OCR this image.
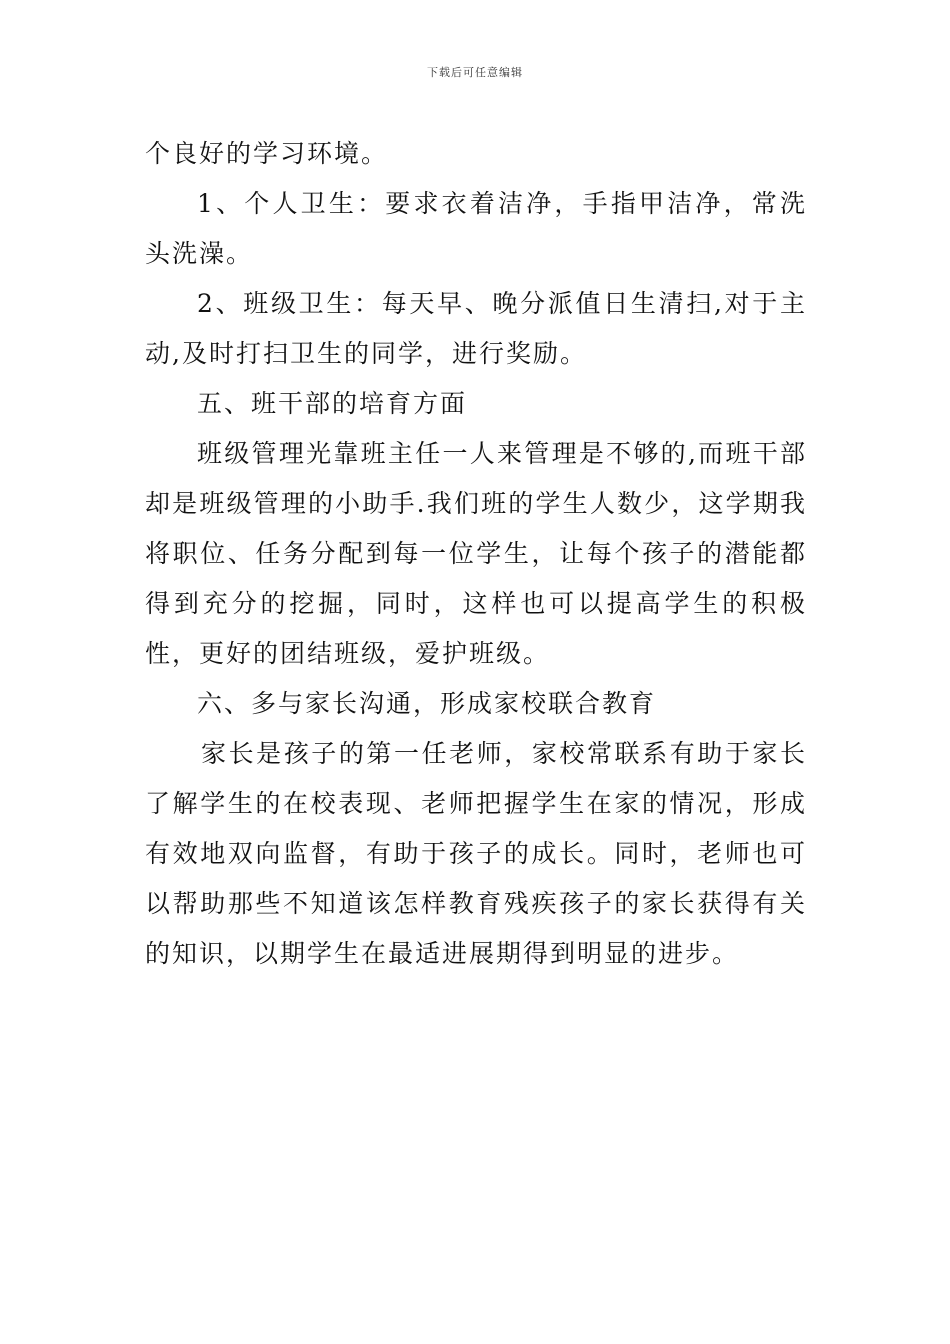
下载后可任意编辑

个良好的学习环境。

1、个人卫生：要求衣着洁净，手指甲洁净，常洗头洗澡。

2、班级卫生：每天早、晚分派值日生清扫,对于主动,及时打扫卫生的同学，进行奖励。

五、班干部的培育方面

班级管理光靠班主任一人来管理是不够的,而班干部却是班级管理的小助手.我们班的学生人数少，这学期我将职位、任务分配到每一位学生，让每个孩子的潜能都得到充分的挖掘，同时，这样也可以提高学生的积极性，更好的团结班级，爱护班级。

六、多与家长沟通，形成家校联合教育

家长是孩子的第一任老师，家校常联系有助于家长了解学生的在校表现、老师把握学生在家的情况，形成有效地双向监督，有助于孩子的成长。同时，老师也可以帮助那些不知道该怎样教育残疾孩子的家长获得有关的知识，以期学生在最适进展期得到明显的进步。
